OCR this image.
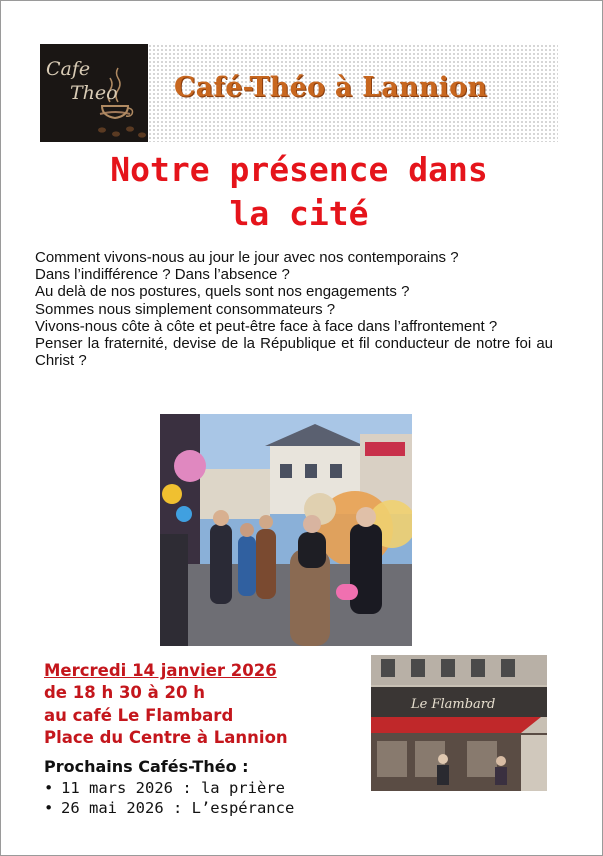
Cafe
Theo Café-Théo à Lannion
Notre présence dans
la cité

Comment vivons-nous au jour le jour avec nos contemporains ?

Dans l’indifférence ? Dans l’absence ?

Au delà de nos postures, quels sont nos engagements ?

Sommes nous simplement consommateurs ?

Vivons-nous côte à côte et peut-être face à face dans l’affrontement ?

Penser la fraternité, devise de la République et fil conducteur de notre foi au Christ ?

Mercredi 14 janvier 2026
de 18 h 30 à 20 h
au café Le Flambard
Place du Centre à Lannion
Le Flambard
Prochains Cafés-Théo :
• 11 mars 2026 : la prière
• 26 mai 2026 : L’espérance
